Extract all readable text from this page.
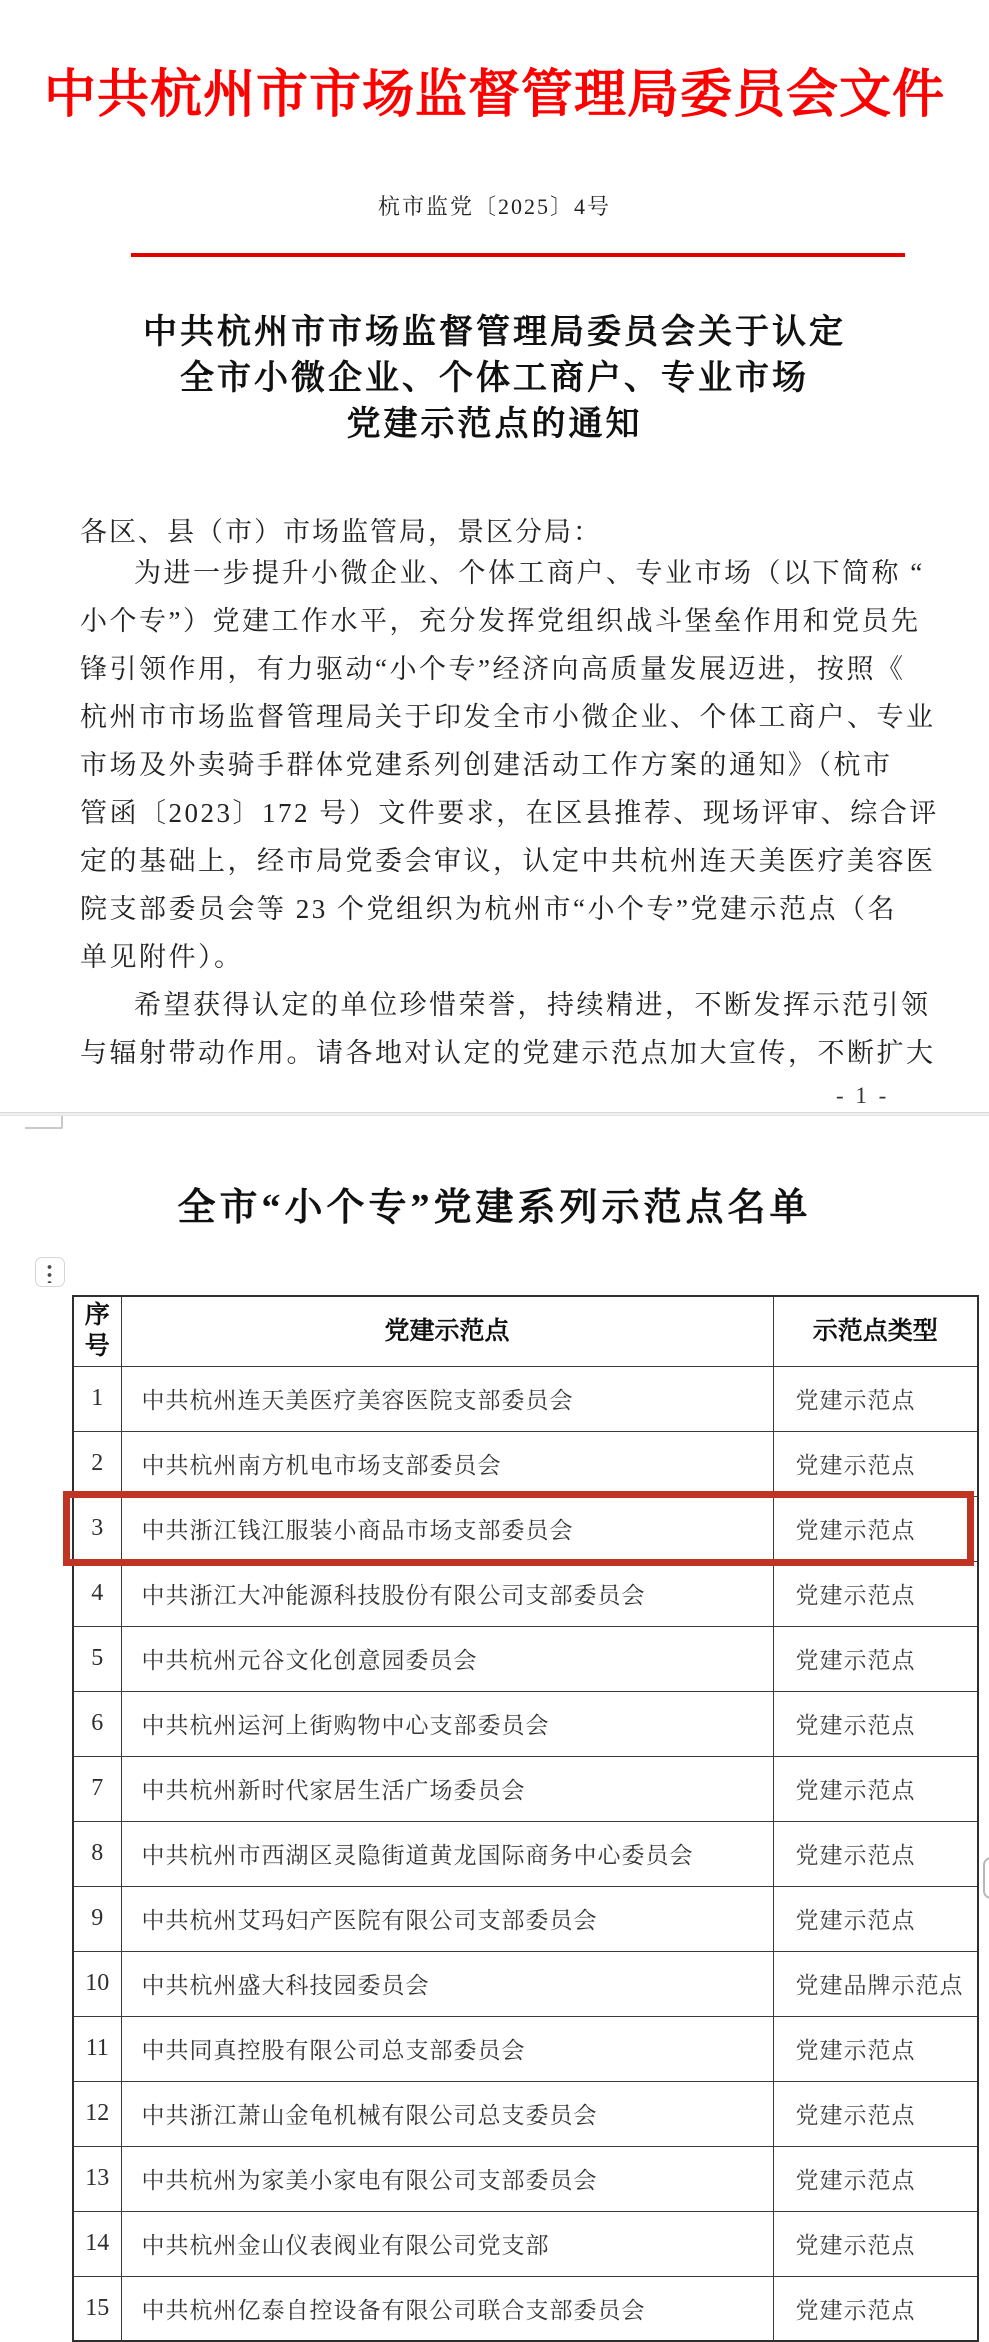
中共杭州市市场监督管理局委员会文件
杭市监党〔2025〕4号
中共杭州市市场监督管理局委员会关于认定
全市小微企业、个体工商户、专业市场
党建示范点的通知
各区、县（市）市场监管局，景区分局：
为进一步提升小微企业、个体工商户、专业市场（以下简称 “
小个专”）党建工作水平，充分发挥党组织战斗堡垒作用和党员先
锋引领作用，有力驱动“小个专”经济向高质量发展迈进，按照《
杭州市市场监督管理局关于印发全市小微企业、个体工商户、专业
市场及外卖骑手群体党建系列创建活动工作方案的通知》（杭市
管函〔2023〕172 号）文件要求，在区县推荐、现场评审、综合评
定的基础上，经市局党委会审议，认定中共杭州连天美医疗美容医
院支部委员会等 23 个党组织为杭州市“小个专”党建示范点（名
单见附件）。
希望获得认定的单位珍惜荣誉，持续精进，不断发挥示范引领
与辐射带动作用。请各地对认定的党建示范点加大宣传，不断扩大
- 1 -
全市“小个专”党建系列示范点名单
序号	党建示范点	示范点类型
1	中共杭州连天美医疗美容医院支部委员会	党建示范点
2	中共杭州南方机电市场支部委员会	党建示范点
3	中共浙江钱江服装小商品市场支部委员会	党建示范点
4	中共浙江大冲能源科技股份有限公司支部委员会	党建示范点
5	中共杭州元谷文化创意园委员会	党建示范点
6	中共杭州运河上街购物中心支部委员会	党建示范点
7	中共杭州新时代家居生活广场委员会	党建示范点
8	中共杭州市西湖区灵隐街道黄龙国际商务中心委员会	党建示范点
9	中共杭州艾玛妇产医院有限公司支部委员会	党建示范点
10	中共杭州盛大科技园委员会	党建品牌示范点
11	中共同真控股有限公司总支部委员会	党建示范点
12	中共浙江萧山金龟机械有限公司总支委员会	党建示范点
13	中共杭州为家美小家电有限公司支部委员会	党建示范点
14	中共杭州金山仪表阀业有限公司党支部	党建示范点
15	中共杭州亿泰自控设备有限公司联合支部委员会	党建示范点
